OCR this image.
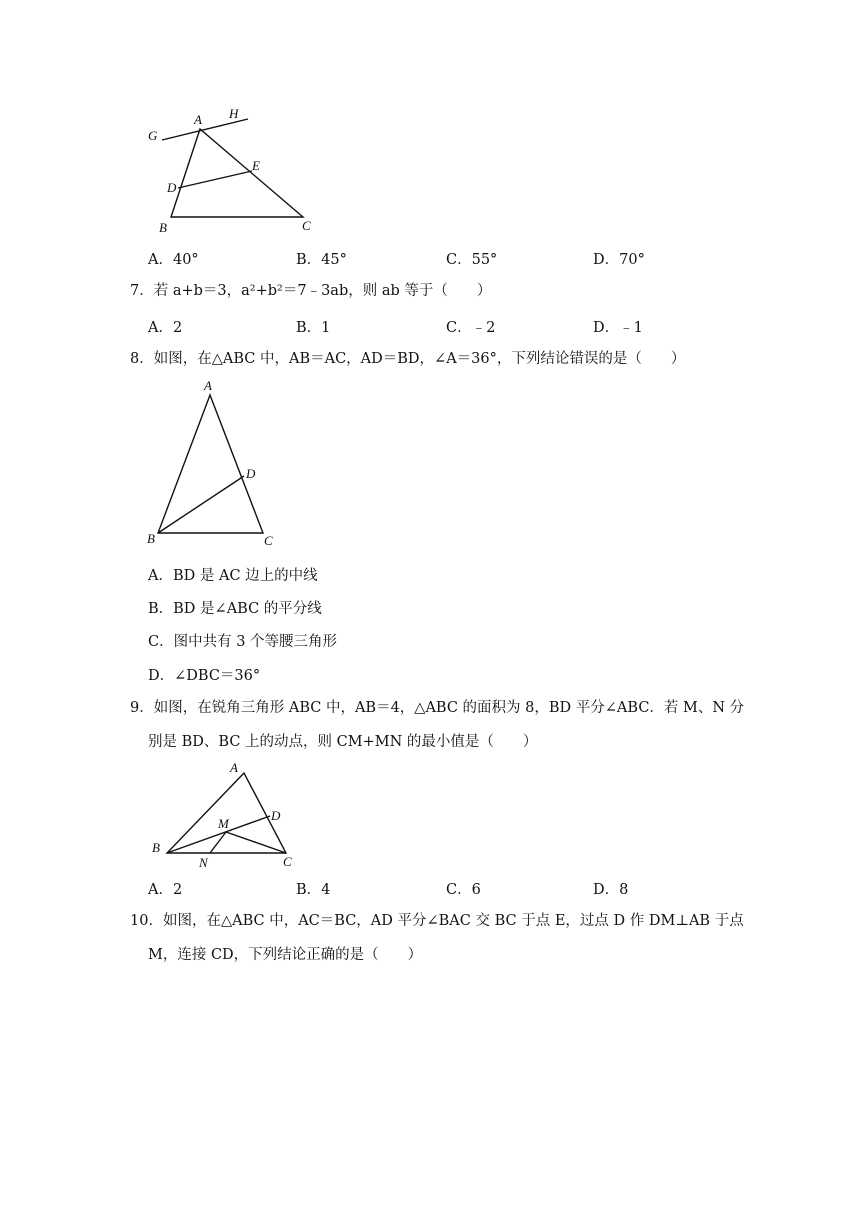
G
A H
E
D
B	C
A．40°	B．45°	C．55°	D．70°
7．若 a+b＝3，a²+b²＝7﹣3ab，则 ab 等于（　　）
A．2	B．1	C．﹣2	D．﹣1
8．如图，在△ABC 中，AB＝AC，AD＝BD，∠A＝36°，下列结论错误的是（　　）
A
D
B	C
A．BD 是 AC 边上的中线
B．BD 是∠ABC 的平分线
C．图中共有 3 个等腰三角形
D．∠DBC＝36°
9．如图，在锐角三角形 ABC 中，AB＝4，△ABC 的面积为 8，BD 平分∠ABC．若 M、N 分
别是 BD、BC 上的动点，则 CM+MN 的最小值是（　　）
A
D
M
B
N	C
A．2	B．4	C．6	D．8
10．如图，在△ABC 中，AC＝BC，AD 平分∠BAC 交 BC 于点 E，过点 D 作 DM⊥AB 于点
M，连接 CD，下列结论正确的是（　　）
